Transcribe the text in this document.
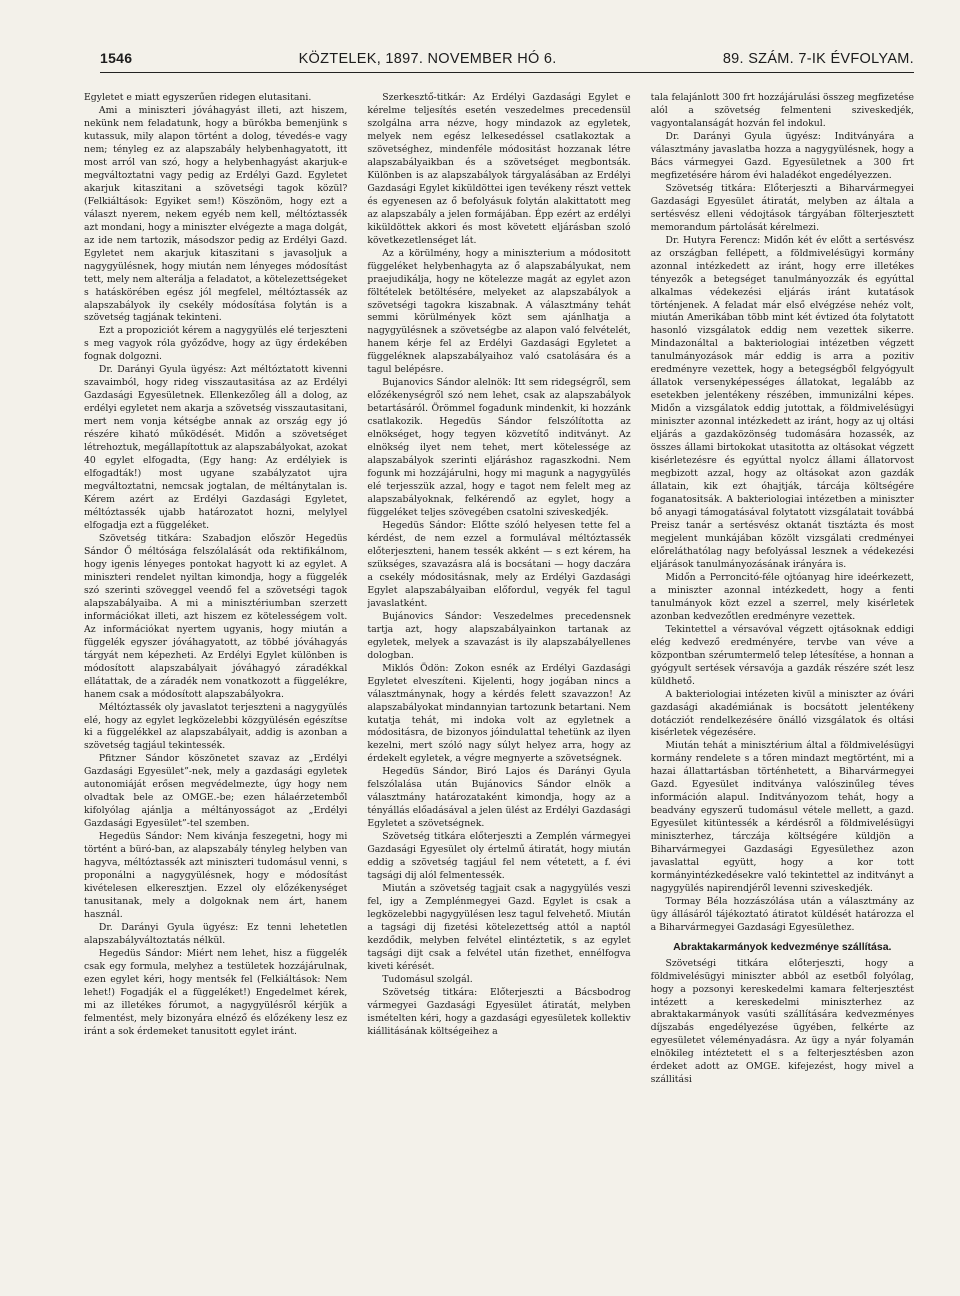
1546	KÖZTELEK, 1897. NOVEMBER HÓ 6.	89. SZÁM. 7-IK ÉVFOLYAM.

Egyletet e miatt egyszerűen ridegen elutasitani.

Ami a miniszteri jóváhagyást illeti, azt hiszem, nekünk nem feladatunk, hogy a bürókba bemenjünk s kutassuk, mily alapon történt a dolog, tévedés-e vagy nem; tényleg ez az alapszabály helybenhagyatott, itt most arról van szó, hogy a helybenhagyást akarjuk-e megváltoztatni vagy pedig az Erdélyi Gazd. Egyletet akarjuk kitaszitani a szövetségi tagok közül? (Felkiáltások: Egyiket sem!) Köszönöm, hogy ezt a választ nyerem, nekem egyéb nem kell, méltóztassék azt mondani, hogy a miniszter elvégezte a maga dolgát, az ide nem tartozik, másodszor pedig az Erdélyi Gazd. Egyletet nem akarjuk kitaszitani s javasoljuk a nagygyülésnek, hogy miután nem lényeges módosítást tett, mely nem alterálja a feladatot, a kötelezettségeket s hatáskörében egész jól megfelel, méltóztassék az alapszabályok ily csekély módosítása folytán is a szövetség tagjának tekinteni.

Ezt a propoziciót kérem a nagygyülés elé terjeszteni s meg vagyok róla győződve, hogy az ügy érdekében fognak dolgozni.

Dr. Darányi Gyula ügyész: Azt méltóztatott kivenni szavaimból, hogy rideg visszautasitása az az Erdélyi Gazdasági Egyesületnek. Ellenkezőleg áll a dolog, az erdélyi egyletet nem akarja a szövetség visszautasitani, mert nem vonja kétségbe annak az ország egy jó részére kiható működését. Midőn a szövetséget létrehoztuk, megállapítottuk az alapszabályokat, azokat 40 egylet elfogadta, (Egy hang: Az erdélyiek is elfogadták!) most ugyane szabályzatot ujra megváltoztatni, nemcsak jogtalan, de méltánytalan is. Kérem azért az Erdélyi Gazdasági Egyletet, méltóztassék ujabb határozatot hozni, melylyel elfogadja ezt a függeléket.

Szövetség titkára: Szabadjon először Hegedüs Sándor Ő méltósága felszólalását oda rektifikálnom, hogy igenis lényeges pontokat hagyott ki az egylet. A miniszteri rendelet nyiltan kimondja, hogy a függelék szó szerinti szöveggel veendő fel a szövetségi tagok alapszabályaiba. A mi a minisztériumban szerzett információkat illeti, azt hiszem ez kötelességem volt. Az információkat nyertem ugyanis, hogy miután a függelék egyszer jóváhagyatott, az többé jóváhagyás tárgyát nem képezheti. Az Erdélyi Egylet különben is módosított alapszabályait jóváhagyó záradékkal ellátattak, de a záradék nem vonatkozott a függelékre, hanem csak a módosított alapszabályokra.

Méltóztassék oly javaslatot terjeszteni a nagygyülés elé, hogy az egylet legközelebbi közgyülésén egészítse ki a függelékkel az alapszabályait, addig is azonban a szövetség tagjául tekintessék.

Pfitzner Sándor köszönetet szavaz az „Erdélyi Gazdasági Egyesület”-nek, mely a gazdasági egyletek autonomiáját erősen megvédelmezte, úgy hogy nem olvadtak bele az OMGE.-be; ezen hálaérzetemből kifolyólag ajánlja a méltányosságot az „Erdélyi Gazdasági Egyesület”-tel szemben.

Hegedüs Sándor: Nem kivánja feszegetni, hogy mi történt a büró-ban, az alapszabály tényleg helyben van hagyva, méltóztassék azt miniszteri tudomásul venni, s proponálni a nagygyülésnek, hogy e módosítást kivételesen elkeresztjen. Ezzel oly előzékenységet tanusitanak, mely a dolgoknak nem árt, hanem használ.

Dr. Darányi Gyula ügyész: Ez tenni lehetetlen alapszabályváltoztatás nélkül.

Hegedüs Sándor: Miért nem lehet, hisz a függelék csak egy formula, melyhez a testületek hozzájárulnak, ezen egylet kéri, hogy mentsék fel (Felkiáltások: Nem lehet!) Fogadják el a függeléket!) Engedelmet kérek, mi az illetékes fórumot, a nagygyülésről kérjük a felmentést, mely bizonyára elnéző és előzékeny lesz ez iránt a sok érdemeket tanusitott egylet iránt.

Szerkesztő-titkár: Az Erdélyi Gazdasági Egylet e kérelme teljesítés esetén veszedelmes precedensül szolgálna arra nézve, hogy mindazok az egyletek, melyek nem egész lelkesedéssel csatlakoztak a szövetséghez, mindenféle módositást hozzanak létre alapszabályaikban és a szövetséget megbontsák. Különben is az alapszabályok tárgyalásában az Erdélyi Gazdasági Egylet kiküldöttei igen tevékeny részt vettek és egyenesen az ő befolyásuk folytán alakittatott meg az alapszabály a jelen formájában. Épp ezért az erdélyi kiküldöttek akkori és most követett eljárásban szoló következetlenséget lát.

Az a körülmény, hogy a miniszterium a módositott függeléket helybenhagyta az ő alapszabályukat, nem praejudikálja, hogy ne kötelezze magát az egylet azon föltételek betöltésére, melyeket az alapszabályok a szövetségi tagokra kiszabnak. A választmány tehát semmi körülmények közt sem ajánlhatja a nagygyülésnek a szövetségbe az alapon való felvételét, hanem kérje fel az Erdélyi Gazdasági Egyletet a függeléknek alapszabályaihoz való csatolására és a tagul belépésre.

Bujanovics Sándor alelnök: Itt sem ridegségről, sem előzékenységről szó nem lehet, csak az alapszabályok betartásáról. Örömmel fogadunk mindenkit, ki hozzánk csatlakozik. Hegedüs Sándor felszólította az elnökséget, hogy tegyen közvetítő inditványt. Az elnökség ilyet nem tehet, mert kötelessége az alapszabályok szerinti eljáráshoz ragaszkodni. Nem fogunk mi hozzájárulni, hogy mi magunk a nagygyülés elé terjesszük azzal, hogy e tagot nem felelt meg az alapszabályoknak, felkérendő az egylet, hogy a függeléket teljes szövegében csatolni sziveskedjék.

Hegedüs Sándor: Előtte szóló helyesen tette fel a kérdést, de nem ezzel a formulával méltóztassék előterjeszteni, hanem tessék akként — s ezt kérem, ha szükséges, szavazásra alá is bocsátani — hogy daczára a csekély módositásnak, mely az Erdélyi Gazdasági Egylet alapszabályaiban előfordul, vegyék fel tagul javaslatként.

Bujánovics Sándor: Veszedelmes precedensnek tartja azt, hogy alapszabályainkon tartanak az egyletek, melyek a szavazást is ily alapszabályellenes dologban.

Miklós Ödön: Zokon esnék az Erdélyi Gazdasági Egyletet elveszíteni. Kijelenti, hogy jogában nincs a választmánynak, hogy a kérdés felett szavazzon! Az alapszabályokat mindannyian tartozunk betartani. Nem kutatja tehát, mi indoka volt az egyletnek a módositásra, de bizonyos jóindulattal tehetünk az ilyen kezelni, mert szóló nagy súlyt helyez arra, hogy az érdekelt egyletek, a végre megnyerte a szövetségnek.

Hegedüs Sándor, Biró Lajos és Darányi Gyula felszólalása után Bujánovics Sándor elnök a választmány határozataként kimondja, hogy az a tényállás előadásával a jelen ülést az Erdélyi Gazdasági Egyletet a szövetségnek.

Szövetség titkára előterjeszti a Zemplén vármegyei Gazdasági Egyesület oly értelmű átiratát, hogy miután eddig a szövetség tagjául fel nem vétetett, a f. évi tagsági dij alól felmentessék.

Miután a szövetség tagjait csak a nagygyülés veszi fel, igy a Zemplénmegyei Gazd. Egylet is csak a legközelebbi nagygyülésen lesz tagul felvehető. Miután a tagsági dij fizetési kötelezettség attól a naptól kezdődik, melyben felvétel elintéztetik, s az egylet tagsági dijt csak a felvétel után fizethet, ennélfogva kiveti kérését.

Tudomásul szolgál.

Szövetség titkára: Előterjeszti a Bácsbodrog vármegyei Gazdasági Egyesület átiratát, melyben ismételten kéri, hogy a gazdasági egyesületek kollektiv kiállitásának költségeihez a

tala felajánlott 300 frt hozzájárulási összeg megfizetése alól a szövetség felmenteni sziveskedjék, vagyontalanságát hozván fel indokul.

Dr. Darányi Gyula ügyész: Inditványára a választmány javaslatba hozza a nagygyülésnek, hogy a Bács vármegyei Gazd. Egyesületnek a 300 frt megfizetésére három évi haladékot engedélyezzen.

Szövetség titkára: Előterjeszti a Biharvármegyei Gazdasági Egyesület átiratát, melyben az általa a sertésvész elleni védojtások tárgyában fölterjesztett memorandum pártolását kérelmezi.

Dr. Hutyra Ferencz: Midőn két év előtt a sertésvész az országban fellépett, a földmivelésügyi kormány azonnal intézkedett az iránt, hogy erre illetékes tényezők a betegséget tanulmányozzák és egyúttal alkalmas védekezési eljárás iránt kutatások történjenek. A feladat már első elvégzése nehéz volt, miután Amerikában több mint két évtized óta folytatott hasonló vizsgálatok eddig nem vezettek sikerre. Mindazonáltal a bakteriologiai intézetben végzett tanulmányozások már eddig is arra a pozitiv eredményre vezettek, hogy a betegségből felgyógyult állatok versenyképességes állatokat, legalább az esetekben jelentékeny részében, immunizálni képes. Midőn a vizsgálatok eddig jutottak, a földmivelésügyi miniszter azonnal intézkedett az iránt, hogy az uj oltási eljárás a gazdaközönség tudomására hozassék, az összes állami birtokokat utasitotta az oltásokat végzett kisérletezésre és egyúttal nyolcz állami állatorvost megbizott azzal, hogy az oltásokat azon gazdák állatain, kik ezt óhajtják, tárcája költségére foganatositsák. A bakteriologiai intézetben a miniszter bő anyagi támogatásával folytatott vizsgálatait továbbá Preisz tanár a sertésvész oktanát tisztázta és most megjelent munkájában közölt vizsgálati credményei előreláthatólag nagy befolyással lesznek a védekezési eljárások tanulmányozásának irányára is.

Midőn a Perroncitó-féle ojtóanyag hire ideérkezett, a miniszter azonnal intézkedett, hogy a fenti tanulmányok közt ezzel a szerrel, mely kisérletek azonban kedvezőtlen eredményre vezettek.

Tekintettel a vérsavóval végzett ojtásoknak eddigi elég kedvező eredményére, tervbe van véve a központban szérumtermelő telep létesítése, a honnan a gyógyult sertések vérsavója a gazdák részére szét lesz küldhető.

A bakteriologiai intézeten kivül a miniszter az óvári gazdasági akadémiának is bocsátott jelentékeny dotácziót rendelkezésére önálló vizsgálatok és oltási kisérletek végezésére.

Miután tehát a minisztérium által a földmivelésügyi kormány rendelete s a tőren mindazt megtörtént, mi a hazai állattartásban történhetett, a Biharvármegyei Gazd. Egyesület inditványa valószinűleg téves információn alapul. Inditványozom tehát, hogy a beadvány egyszerű tudomásul vétele mellett, a gazd. Egyesület kitüntessék a kérdésről a földmivelésügyi miniszterhez, tárczája költségére küldjön a Biharvármegyei Gazdasági Egyesülethez azon javaslattal együtt, hogy a kor tott kormányintézkedésekre való tekintettel az inditványt a nagygyülés napirendjéről levenni sziveskedjék.

Tormay Béla hozzászólása után a választmány az ügy állásáról tájékoztató átiratot küldését határozza el a Biharvármegyei Gazdasági Egyesülethez.

Abraktakarmányok kedvezménye szállítása.

Szövetségi titkára előterjeszti, hogy a földmivelésügyi miniszter abból az esetből folyólag, hogy a pozsonyi kereskedelmi kamara felterjesztést intézett a kereskedelmi miniszterhez az abraktakarmányok vasúti szállítására kedvezményes díjszabás engedélyezése ügyében, felkérte az egyesületet véleményadásra. Az ügy a nyár folyamán elnökileg intéztetett el s a felterjesztésben azon érdeket adott az OMGE. kifejezést, hogy mivel a szállitási
